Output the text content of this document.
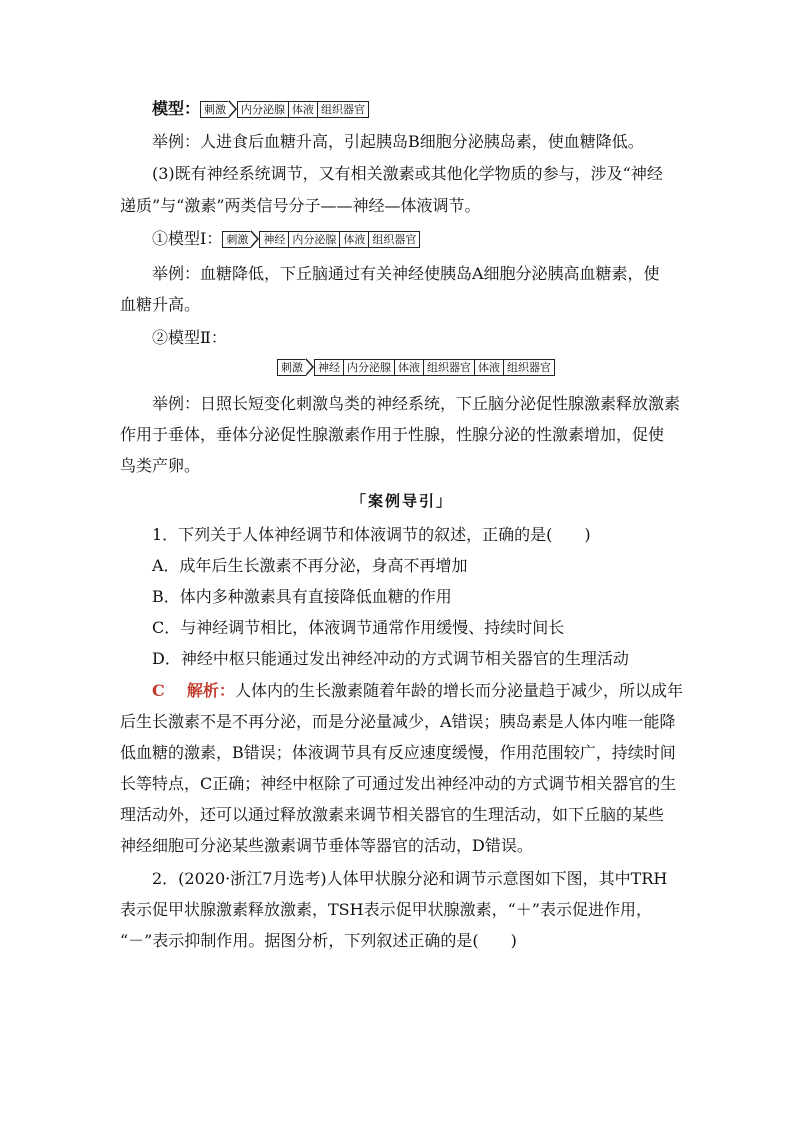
模型： 刺激	内分泌腺 体液 组织器官
举例：人进食后血糖升高，引起胰岛B细胞分泌胰岛素，使血糖降低。
(3)既有神经系统调节，又有相关激素或其他化学物质的参与，涉及“神经
递质”与“激素”两类信号分子——神经—体液调节。
①模型Ⅰ： 刺激	神经 内分泌腺 体液 组织器官
举例：血糖降低，下丘脑通过有关神经使胰岛A细胞分泌胰高血糖素，使
血糖升高。
②模型Ⅱ：
刺激	神经 内分泌腺 体液 组织器官 体液 组织器官
举例：日照长短变化刺激鸟类的神经系统，下丘脑分泌促性腺激素释放激素
作用于垂体，垂体分泌促性腺激素作用于性腺，性腺分泌的性激素增加，促使
鸟类产卵。
「案例导引」
1．下列关于人体神经调节和体液调节的叙述，正确的是(　　)
A．成年后生长激素不再分泌，身高不再增加
B．体内多种激素具有直接降低血糖的作用
C．与神经调节相比，体液调节通常作用缓慢、持续时间长
D．神经中枢只能通过发出神经冲动的方式调节相关器官的生理活动
C 解析：人体内的生长激素随着年龄的增长而分泌量趋于减少，所以成年
后生长激素不是不再分泌，而是分泌量减少，A错误；胰岛素是人体内唯一能降
低血糖的激素，B错误；体液调节具有反应速度缓慢，作用范围较广，持续时间
长等特点，C正确；神经中枢除了可通过发出神经冲动的方式调节相关器官的生
理活动外，还可以通过释放激素来调节相关器官的生理活动，如下丘脑的某些
神经细胞可分泌某些激素调节垂体等器官的活动，D错误。
2．(2020·浙江7月选考)人体甲状腺分泌和调节示意图如下图，其中TRH
表示促甲状腺激素释放激素，TSH表示促甲状腺激素，“＋”表示促进作用，
“－”表示抑制作用。据图分析，下列叙述正确的是(　　)
